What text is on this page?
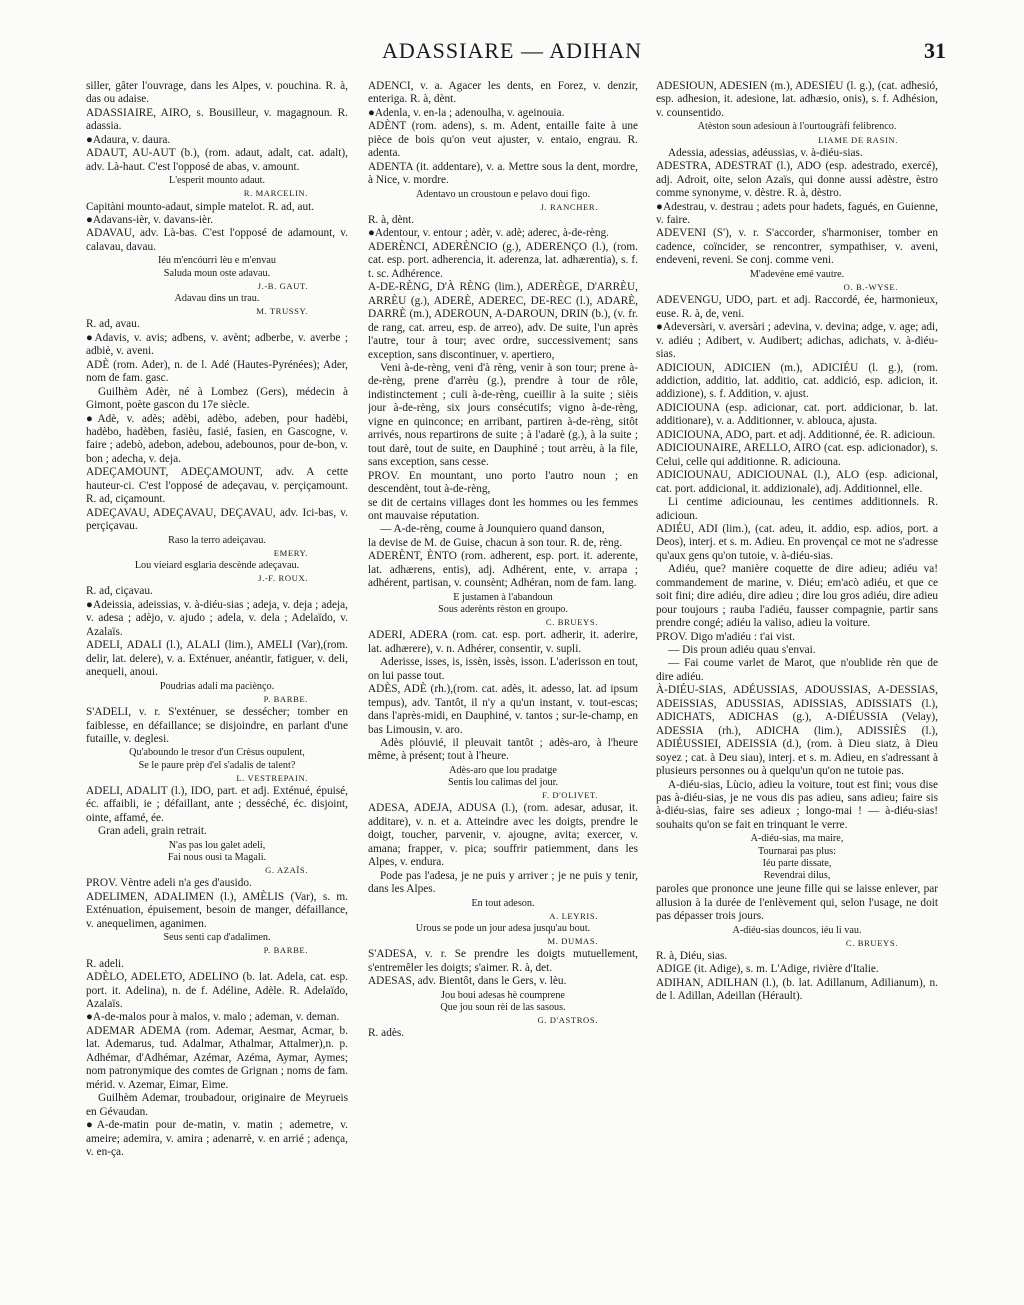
ADASSIARE — ADIHAN	31

siller, gâter l'ouvrage, dans les Alpes, v. pouchina. R. à, das ou adaise.

ADASSIAIRE, AIRO, s. Bousilleur, v. magagnoun. R. adassia.

●Adaura, v. daura.

ADAUT, AU-AUT (b.), (rom. adaut, adalt, cat. adalt), adv. Là-haut. C'est l'opposé de abas, v. amount.

L'esperit mounto adaut.
R. MARCELIN.

Capitàni mounto-adaut, simple matelot. R. ad, aut.

●Adavans-ièr, v. davans-ièr.

ADAVAU, adv. Là-bas. C'est l'opposé de adamount, v. calavau, davau.

Iéu m'encóurri lèu e m'envau
Saluda moun oste adavau.
J.-B. GAUT.
Adavau dins un trau.
M. TRUSSY.

R. ad, avau.

●Adavis, v. avis; adbens, v. avènt; adberbe, v. averbe ; adbiè, v. aveni.

ADÈ (rom. Ader), n. de l. Adé (Hautes-Pyrénées); Ader, nom de fam. gasc.

Guilhèm Adèr, né à Lombez (Gers), médecin à Gimont, poète gascon du 17e siècle.

●Adè, v. adès; adèbi, adèbo, adeben, pour hadèbi, hadèbo, hadèben, fasièu, fasié, fasien, en Gascogne, v. faire ; adebò, adebon, adebou, adebounos, pour de-bon, v. bon ; adecha, v. deja.

ADEÇAMOUNT, ADEÇAMOUNT, adv. A cette hauteur-ci. C'est l'opposé de adeçavau, v. perçiçamount. R. ad, ciçamount.

ADEÇAVAU, ADEÇAVAU, DEÇAVAU, adv. Ici-bas, v. perçiçavau.

Raso la terro adeiçavau.
EMERY.
Lou vieiard esglaria descènde adeçavau.
J.-F. ROUX.

R. ad, ciçavau.

●Adeissia, adeissias, v. à-diéu-sias ; adeja, v. deja ; adeja, v. adesa ; adèjo, v. ajudo ; adela, v. dela ; Adelaïdo, v. Azalaïs.

ADELI, ADALI (l.), ALALI (lim.), AMELI (Var),(rom. delir, lat. delere), v. a. Exténuer, anéantir, fatiguer, v. deli, anequeli, anoui.

Poudrias adali ma paciènço.
P. BARBE.

S'ADELI, v. r. S'exténuer, se dessécher; tomber en faiblesse, en défaillance; se disjoindre, en parlant d'une futaille, v. deglesi.

Qu'aboundo le tresor d'un Crèsus oupulent,
Se le paure prèp d'el s'adalis de talent?
L. VESTREPAIN.

ADELI, ADALIT (l.), IDO, part. et adj. Exténué, épuisé, éc. affaibli, ie ; défaillant, ante ; desséché, éc. disjoint, ointe, affamé, ée.

Gran adeli, grain retrait.

N'as pas lou galet adeli,
Fai nous ousi ta Magali.
G. AZAÏS.

PROV. Vèntre adeli n'a ges d'ausido.

ADELIMEN, ADALIMEN (l.), AMÈLIS (Var), s. m. Exténuation, épuisement, besoin de manger, défaillance, v. anequelimen, aganimen.

Seus senti cap d'adalimen.
P. BARBE.

R. adeli.

ADÈLO, ADELETO, ADELINO (b. lat. Adela, cat. esp. port. it. Adelina), n. de f. Adéline, Adèle. R. Adelaïdo, Azalaïs.

●A-de-malos pour à malos, v. malo ; ademan, v. deman.

ADEMAR ADEMA (rom. Ademar, Aesmar, Acmar, b. lat. Ademarus, tud. Adalmar, Athalmar, Attalmer),n. p. Adhémar, d'Adhémar, Azémar, Azéma, Aymar, Aymes; nom patronymique des comtes de Grignan ; noms de fam. mérid. v. Azemar, Eimar, Eime.

Guilhèm Ademar, troubadour, originaire de Meyrueis en Gévaudan.

●A-de-matin pour de-matin, v. matin ; ademetre, v. ameire; ademira, v. amira ; adenarrè, v. en arrié ; adença, v. en-ça.

ADENCI, v. a. Agacer les dents, en Forez, v. denzir, enteriga. R. à, dènt.

●Adenla, v. en-la ; adenoulha, v. ageinouia.

ADÈNT (rom. adens), s. m. Adent, entaille faite à une pièce de bois qu'on veut ajuster, v. entaio, engrau. R. adenta.

ADENTA (it. addentare), v. a. Mettre sous la dent, mordre, à Nice, v. mordre.

Adentavo un croustoun e pelavo doui figo.
J. RANCHER.

R. à, dènt.

●Adentour, v. entour ; adèr, v. adè; aderec, à-de-rèng.

ADERÈNCI, ADERÈNCIO (g.), ADERENÇO (l.), (rom. cat. esp. port. adherencia, it. aderenza, lat. adhærentia), s. f. t. sc. Adhérence.

A-DE-RÈNG, D'À RÈNG (lim.), ADERÈGE, D'ARRÈU, ARRÈU (g.), ADERÈ, ADEREC, DE-REC (l.), ADARÈ, DARRÈ (m.), ADEROUN, A-DAROUN, DRIN (b.), (v. fr. de rang, cat. arreu, esp. de arreo), adv. De suite, l'un après l'autre, tour à tour; avec ordre, successivement; sans exception, sans discontinuer, v. apertiero,

Veni à-de-rèng, veni d'à rèng, venir à son tour; prene à-de-rèng, prene d'arrèu (g.), prendre à tour de rôle, indistinctement ; culi à-de-rèng, cueillir à la suite ; sièis jour à-de-rèng, six jours consécutifs; vigno à-de-rèng, vigne en quinconce; en arribant, partiren à-de-rèng, sitôt arrivés, nous repartirons de suite ; à l'adarè (g.), à la suite ; tout darè, tout de suite, en Dauphiné ; tout arrèu, à la file, sans exception, sans cesse.

PROV. En mountant, uno porto l'autro noun ; en descendènt, tout à-de-rèng,

se dit de certains villages dont les hommes ou les femmes ont mauvaise réputation.

— A-de-rèng, coume à Jounquiero quand danson,

la devise de M. de Guise, chacun à son tour. R. de, rèng.

ADERÈNT, ÈNTO (rom. adherent, esp. port. it. aderente, lat. adhærens, entis), adj. Adhérent, ente, v. arrapa ; adhérent, partisan, v. counsènt; Adhéran, nom de fam. lang.

E justamen à l'abandoun
Sous aderènts rèston en groupo.
C. BRUEYS.

ADERI, ADERA (rom. cat. esp. port. adherir, it. aderire, lat. adhærere), v. n. Adhérer, consentir, v. supli.

Aderisse, isses, is, issèn, issès, isson. L'aderisson en tout, on lui passe tout.

ADÈS, ADÈ (rh.),(rom. cat. adès, it. adesso, lat. ad ipsum tempus), adv. Tantôt, il n'y a qu'un instant, v. tout-escas; dans l'après-midi, en Dauphiné, v. tantos ; sur-le-champ, en bas Limousin, v. aro.

Adès plóuvié, il pleuvait tantôt ; adès-aro, à l'heure même, à présent; tout à l'heure.

Adès-aro que lou pradatge
Sentis lou calimas del jour.
F. D'OLIVET.

ADESA, ADEJA, ADUSA (l.), (rom. adesar, adusar, it. additare), v. n. et a. Atteindre avec les doigts, prendre le doigt, toucher, parvenir, v. ajougne, avita; exercer, v. amana; frapper, v. pica; souffrir patiemment, dans les Alpes, v. endura.

Pode pas l'adesa, je ne puis y arriver ; je ne puis y tenir, dans les Alpes.

En tout adeson.
A. LEYRIS.
Urous se pode un jour adesa jusqu'au bout.
M. DUMAS.

S'ADESA, v. r. Se prendre les doigts mutuellement, s'entremêler les doigts; s'aimer. R. à, det.

ADESAS, adv. Bientôt, dans le Gers, v. lèu.

Jou boui adesas hè coumprene
Que jou soun rèi de las sasous.
G. D'ASTROS.

R. adès.

ADESIOUN, ADESIEN (m.), ADESIÉU (l. g.), (cat. adhesió, esp. adhesion, it. adesione, lat. adhæsio, onis), s. f. Adhésion, v. counsentido.

Atèston soun adesioun à l'ourtougràfi felibrenco.
LIAME DE RASIN.

Adessia, adessias, adéussias, v. à-diéu-sias.

ADESTRA, ADESTRAT (l.), ADO (esp. adestrado, exercé), adj. Adroit, oite, selon Azaïs, qui donne aussi adèstre, èstro comme synonyme, v. dèstre. R. à, dèstro.

●Adestrau, v. destrau ; adets pour hadets, fagués, en Guienne, v. faire.

ADEVENI (S'), v. r. S'accorder, s'harmoniser, tomber en cadence, coïncider, se rencontrer, sympathiser, v. aveni, endeveni, reveni. Se conj. comme veni.

M'adevène emé vautre.
O. B.-WYSE.

ADEVENGU, UDO, part. et adj. Raccordé, ée, harmonieux, euse. R. à, de, veni.

●Adeversàri, v. aversàri ; adevina, v. devina; adge, v. age; adi, v. adiéu ; Adibert, v. Audibert; adichas, adichats, v. à-diéu-sias.

ADICIOUN, ADICIEN (m.), ADICIÉU (l. g.), (rom. addiction, additio, lat. additio, cat. addició, esp. adicion, it. addizione), s. f. Addition, v. ajust.

ADICIOUNA (esp. adicionar, cat. port. addicionar, b. lat. additionare), v. a. Additionner, v. ablouca, ajusta.

ADICIOUNA, ADO, part. et adj. Additionné, ée. R. adicioun.

ADICIOUNAIRE, ARELLO, AIRO (cat. esp. adicionador), s. Celui, celle qui additionne. R. adiciouna.

ADICIOUNAU, ADICIOUNAL (l.), ALO (esp. adicional, cat. port. addicional, it. addizionale), adj. Additionnel, elle.

Li centime adiciounau, les centimes additionnels. R. adicioun.

ADIÉU, ADI (lim.), (cat. adeu, it. addio, esp. adios, port. a Deos), interj. et s. m. Adieu. En provençal ce mot ne s'adresse qu'aux gens qu'on tutoie, v. à-diéu-sias.

Adiéu, que? manière coquette de dire adieu; adiéu va! commandement de marine, v. Diéu; em'acò adiéu, et que ce soit fini; dire adiéu, dire adieu ; dire lou gros adiéu, dire adieu pour toujours ; rauba l'adiéu, fausser compagnie, partir sans prendre congé; adiéu la valiso, adieu la voiture.

PROV. Digo m'adiéu : t'ai vist.

— Dis proun adiéu quau s'envai.

— Fai coume varlet de Marot, que n'oublide rèn que de dire adiéu.

À-DIÉU-SIAS, ADÉUSSIAS, ADOUSSIAS, A-DESSIAS, ADEISSIAS, ADUSSIAS, ADISSIAS, ADISSIATS (l.), ADICHATS, ADICHAS (g.), A-DIÉUSSIA (Velay), ADESSIA (rh.), ADICHA (lim.), ADISSIÈS (l.), ADIÉUSSIEI, ADEISSIA (d.), (rom. à Dieu siatz, à Dieu soyez ; cat. à Deu siau), interj. et s. m. Adieu, en s'adressant à plusieurs personnes ou à quelqu'un qu'on ne tutoie pas.

A-diéu-sias, Lùcio, adieu la voiture, tout est fini; vous dise pas à-diéu-sias, je ne vous dis pas adieu, sans adieu; faire sis à-diéu-sias, faire ses adieux ; longo-mai ! — à-diéu-sias! souhaits qu'on se fait en trinquant le verre.

A-diéu-sias, ma maire,
Tournarai pas plus:
Iéu parte dissate,
Revendrai dilus,

paroles que prononce une jeune fille qui se laisse enlever, par allusion à la durée de l'enlèvement qui, selon l'usage, ne doit pas dépasser trois jours.

A-diéu-sias douncos, iéu li vau.
C. BRUEYS.

R. à, Diéu, sias.

ADIGE (it. Adige), s. m. L'Adige, rivière d'Italie.

ADIHAN, ADILHAN (l.), (b. lat. Adillanum, Adilianum), n. de l. Adillan, Adeillan (Hérault).
